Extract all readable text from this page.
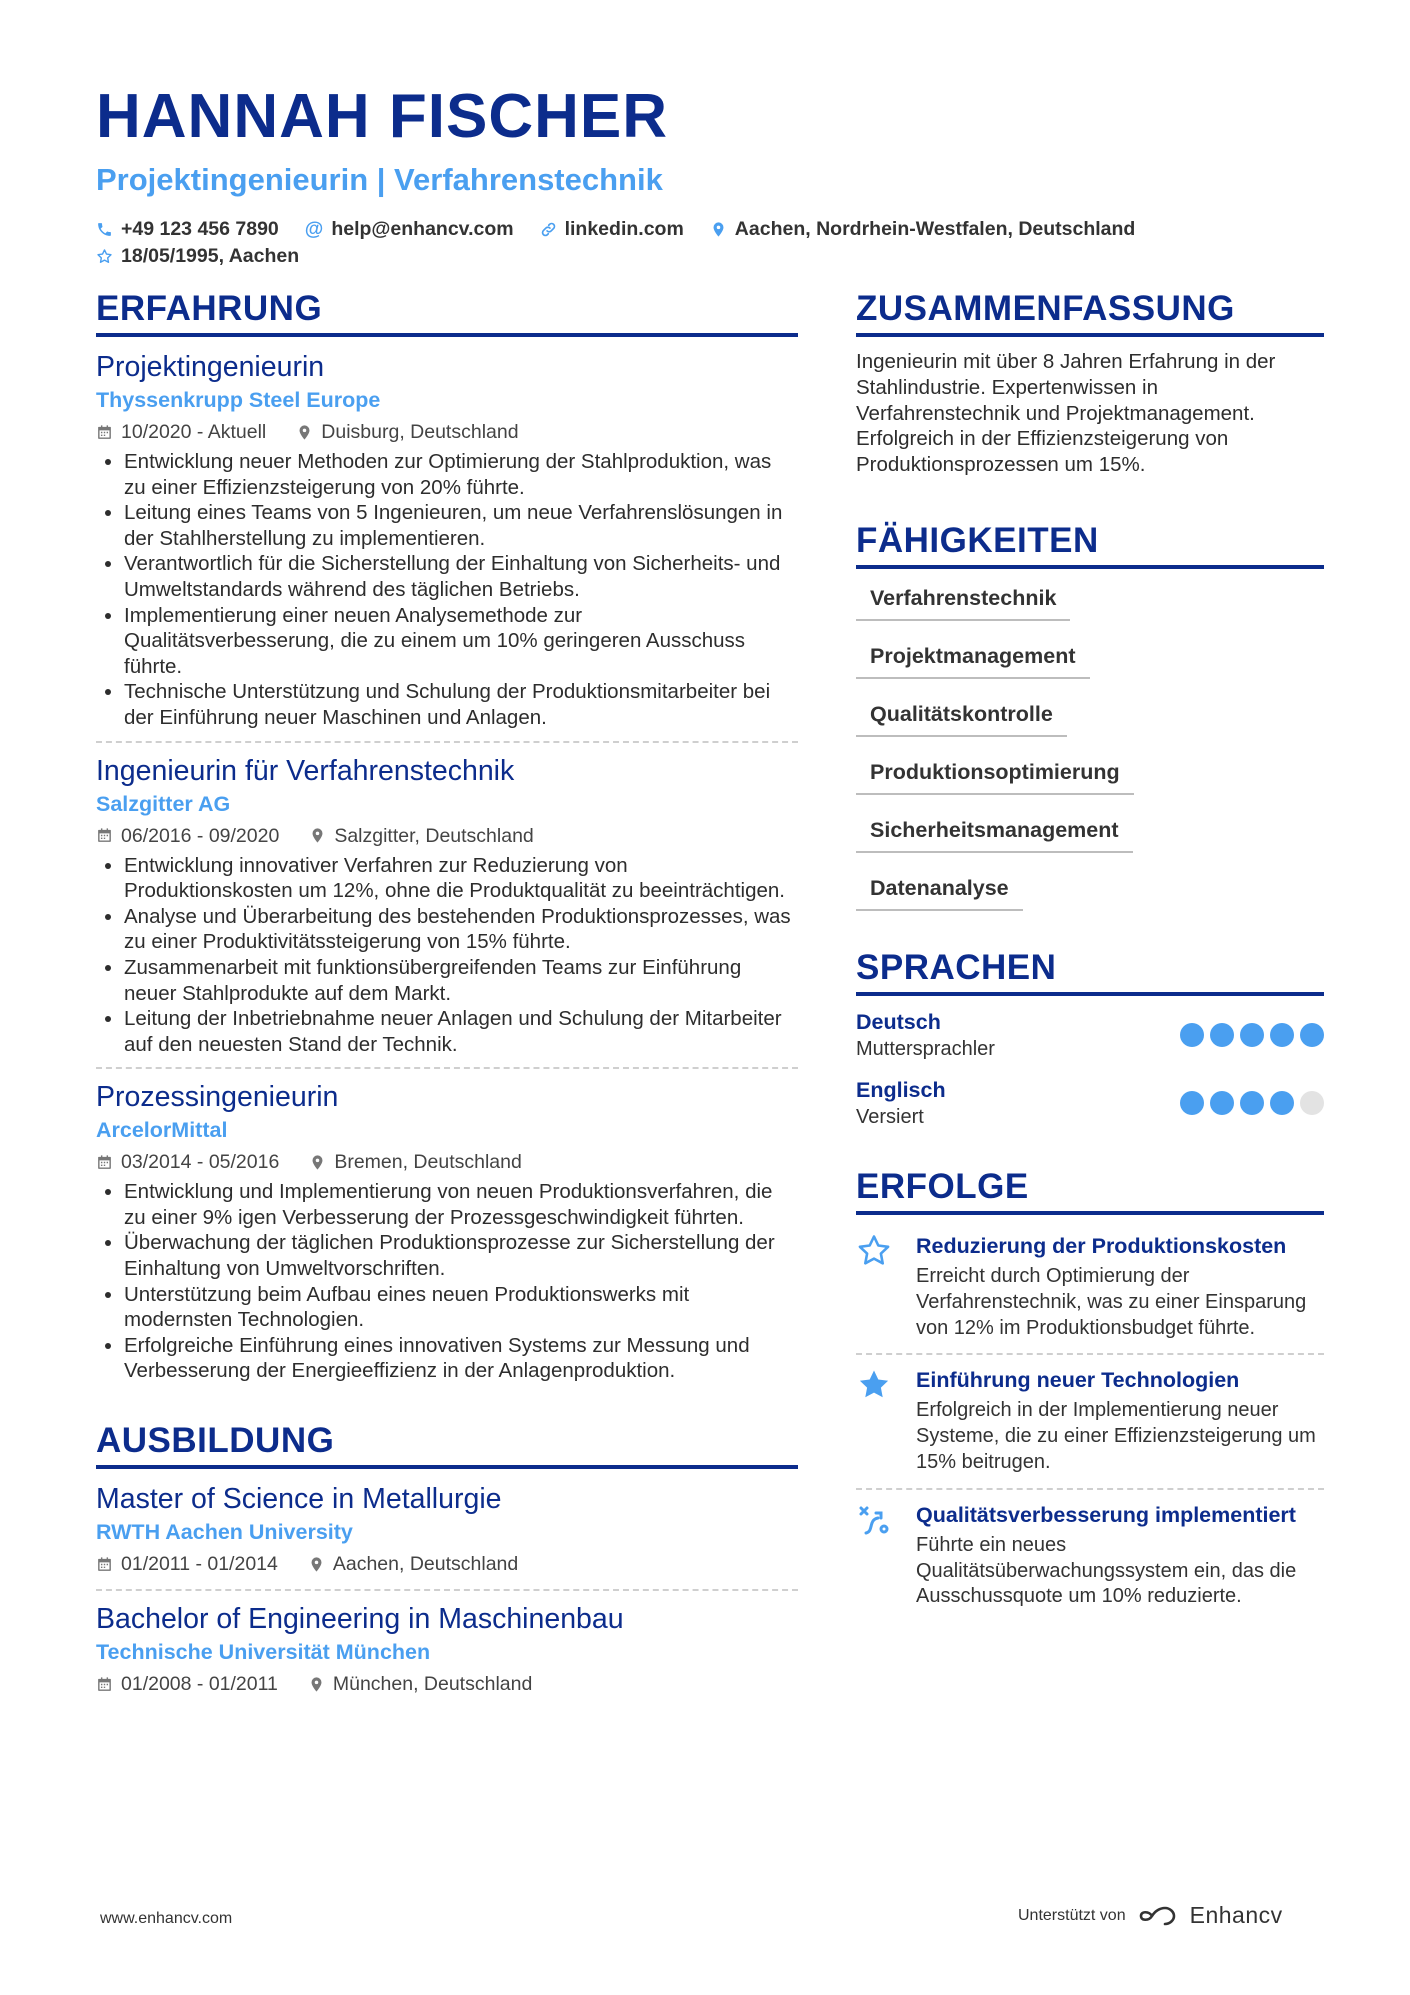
HANNAH FISCHER
Projektingenieurin | Verfahrenstechnik
+49 123 456 7890 @ help@enhancv.com	linkedin.com	Aachen, Nordrhein-Westfalen, Deutschland
18/05/1995, Aachen
ERFAHRUNG
Projektingenieurin
Thyssenkrupp Steel Europe
10/2020 - Aktuell	Duisburg, Deutschland
• Entwicklung neuer Methoden zur Optimierung der Stahlproduktion, was zu einer Effizienzsteigerung von 20% führte.
• Leitung eines Teams von 5 Ingenieuren, um neue Verfahrenslösungen in der Stahlherstellung zu implementieren.
• Verantwortlich für die Sicherstellung der Einhaltung von Sicherheits- und Umweltstandards während des täglichen Betriebs.
• Implementierung einer neuen Analysemethode zur Qualitätsverbesserung, die zu einem um 10% geringeren Ausschuss führte.
• Technische Unterstützung und Schulung der Produktionsmitarbeiter bei der Einführung neuer Maschinen und Anlagen.
Ingenieurin für Verfahrenstechnik
Salzgitter AG
06/2016 - 09/2020	Salzgitter, Deutschland
• Entwicklung innovativer Verfahren zur Reduzierung von Produktionskosten um 12%, ohne die Produktqualität zu beeinträchtigen.
• Analyse und Überarbeitung des bestehenden Produktionsprozesses, was zu einer Produktivitätssteigerung von 15% führte.
• Zusammenarbeit mit funktionsübergreifenden Teams zur Einführung neuer Stahlprodukte auf dem Markt.
• Leitung der Inbetriebnahme neuer Anlagen und Schulung der Mitarbeiter auf den neuesten Stand der Technik.
Prozessingenieurin
ArcelorMittal
03/2014 - 05/2016	Bremen, Deutschland
• Entwicklung und Implementierung von neuen Produktionsverfahren, die zu einer 9% igen Verbesserung der Prozessgeschwindigkeit führten.
• Überwachung der täglichen Produktionsprozesse zur Sicherstellung der Einhaltung von Umweltvorschriften.
• Unterstützung beim Aufbau eines neuen Produktionswerks mit modernsten Technologien.
• Erfolgreiche Einführung eines innovativen Systems zur Messung und Verbesserung der Energieeffizienz in der Anlagenproduktion.
AUSBILDUNG
Master of Science in Metallurgie
RWTH Aachen University
01/2011 - 01/2014	Aachen, Deutschland
Bachelor of Engineering in Maschinenbau
Technische Universität München
01/2008 - 01/2011	München, Deutschland
ZUSAMMENFASSUNG

Ingenieurin mit über 8 Jahren Erfahrung in der Stahlindustrie. Expertenwissen in Verfahrenstechnik und Projektmanagement. Erfolgreich in der Effizienzsteigerung von Produktionsprozessen um 15%.

FÄHIGKEITEN
Verfahrenstechnik
Projektmanagement
Qualitätskontrolle
Produktionsoptimierung
Sicherheitsmanagement
Datenanalyse
SPRACHEN
Deutsch
Muttersprachler
Englisch
Versiert
ERFOLGE
Reduzierung der Produktionskosten
Erreicht durch Optimierung der Verfahrenstechnik, was zu einer Einsparung von 12% im Produktionsbudget führte.
Einführung neuer Technologien
Erfolgreich in der Implementierung neuer Systeme, die zu einer Effizienzsteigerung um 15% beitrugen.
Qualitätsverbesserung implementiert
Führte ein neues Qualitätsüberwachungssystem ein, das die Ausschussquote um 10% reduzierte.
www.enhancv.com	Unterstützt von	Enhancv
